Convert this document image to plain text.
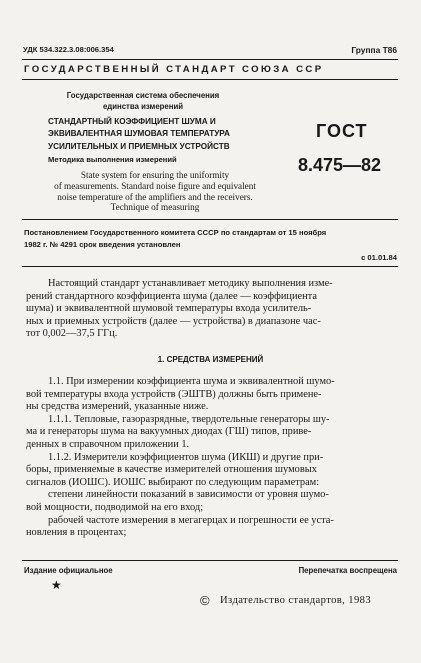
УДК 534.322.3.08:006.354	Группа Т86
ГОСУДАРСТВЕННЫЙ СТАНДАРТ СОЮЗА ССР
Государственная система обеспечения
единства измерений
СТАНДАРТНЫЙ КОЭФФИЦИЕНТ ШУМА И
ЭКВИВАЛЕНТНАЯ ШУМОВАЯ ТЕМПЕРАТУРА
УСИЛИТЕЛЬНЫХ И ПРИЕМНЫХ УСТРОЙСТВ
Методика выполнения измерений
State system for ensuring the uniformity
of measurements. Standard noise figure and equivalent
noise temperature of the amplifiers and the receivers.
Technique of measuring
ГОСТ
8.475—82
Постановлением Государственного комитета СССР по стандартам от 15 ноября
1982 г. № 4291 срок введения установлен
с 01.01.84

Настоящий стандарт устанавливает методику выполнения изме-

рений стандартного коэффициента шума (далее — коэффициента

шума) и эквивалентной шумовой температуры входа усилитель-

ных и приемных устройств (далее — устройства) в диапазоне час-

тот 0,002—37,5 ГГц.

1. СРЕДСТВА ИЗМЕРЕНИЙ

1.1. При измерении коэффициента шума и эквивалентной шумо-

вой температуры входа устройств (ЭШТВ) должны быть примене-

ны средства измерений, указанные ниже.

1.1.1. Тепловые, газоразрядные, твердотельные генераторы шу-

ма и генераторы шума на вакуумных диодах (ГШ) типов, приве-

денных в справочном приложении 1.

1.1.2. Измерители коэффициентов шума (ИКШ) и другие при-

боры, применяемые в качестве измерителей отношения шумовых

сигналов (ИОШС). ИОШС выбирают по следующим параметрам:

степени линейности показаний в зависимости от уровня шумо-

вой мощности, подводимой на его вход;

рабочей частоте измерения в мегагерцах и погрешности ее уста-

новления в процентах;

Издание официальное	Перепечатка воспрещена
★
© Издательство стандартов, 1983
